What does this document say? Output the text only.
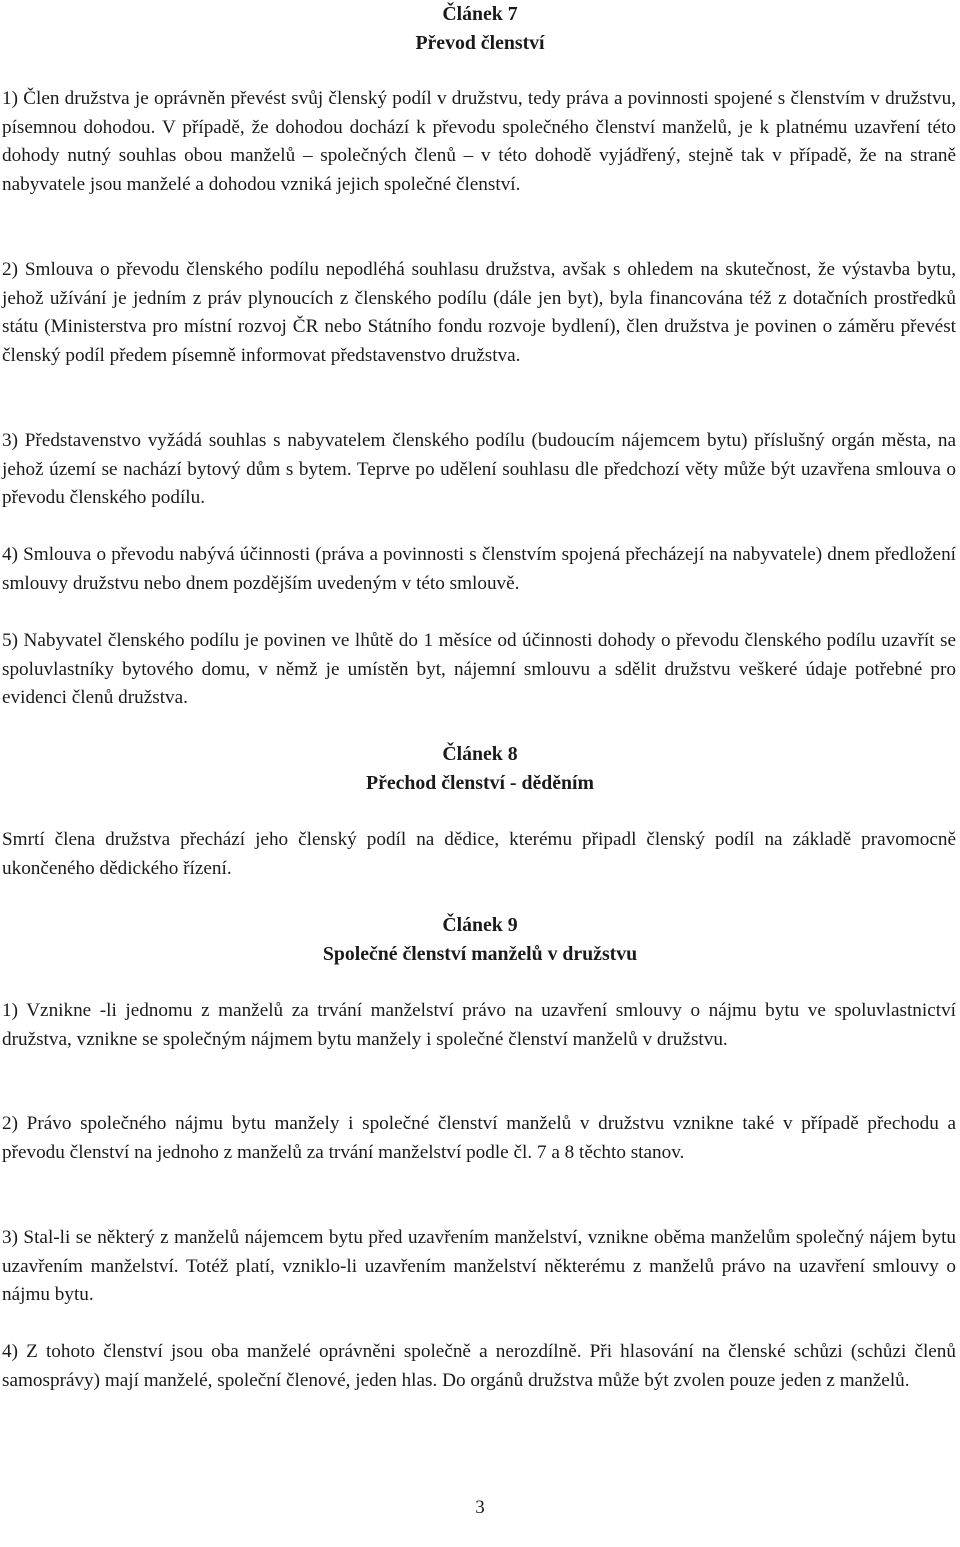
Článek 7

Převod členství

1) Člen družstva je oprávněn převést svůj členský podíl v družstvu, tedy práva a povinnosti spojené s členstvím v družstvu, písemnou dohodou. V případě, že dohodou dochází k převodu společného členství manželů, je k platnému uzavření této dohody nutný souhlas obou manželů – společných členů – v této dohodě vyjádřený, stejně tak v případě, že na straně nabyvatele jsou manželé a dohodou vzniká jejich společné členství.

2) Smlouva o převodu členského podílu nepodléhá souhlasu družstva, avšak s ohledem na skutečnost, že výstavba bytu, jehož užívání je jedním z práv plynoucích z členského podílu (dále jen byt), byla financována též z dotačních prostředků státu (Ministerstva pro místní rozvoj ČR nebo Státního fondu rozvoje bydlení), člen družstva je povinen o záměru převést členský podíl předem písemně informovat představenstvo družstva.

3) Představenstvo vyžádá souhlas s nabyvatelem členského podílu (budoucím nájemcem bytu) příslušný orgán města, na jehož území se nachází bytový dům s bytem. Teprve po udělení souhlasu dle předchozí věty může být uzavřena smlouva o převodu členského podílu.

4) Smlouva o převodu nabývá účinnosti (práva a povinnosti s členstvím spojená přecházejí na nabyvatele) dnem předložení smlouvy družstvu nebo dnem pozdějším uvedeným v této smlouvě.

5) Nabyvatel členského podílu je povinen ve lhůtě do 1 měsíce od účinnosti dohody o převodu členského podílu uzavřít se spoluvlastníky bytového domu, v němž je umístěn byt, nájemní smlouvu a sdělit družstvu veškeré údaje potřebné pro evidenci členů družstva.

Článek 8

Přechod členství - děděním

Smrtí člena družstva přechází jeho členský podíl na dědice, kterému připadl členský podíl na základě pravomocně ukončeného dědického řízení.

Článek 9

Společné členství manželů v družstvu

1) Vznikne -li jednomu z manželů za trvání manželství právo na uzavření smlouvy o nájmu bytu ve spoluvlastnictví družstva, vznikne se společným nájmem bytu manžely i společné členství manželů v družstvu.

2) Právo společného nájmu bytu manžely i společné členství manželů v družstvu vznikne také v případě přechodu a převodu členství na jednoho z manželů za trvání manželství podle čl. 7 a 8 těchto stanov.

3) Stal-li se některý z manželů nájemcem bytu před uzavřením manželství, vznikne oběma manželům společný nájem bytu uzavřením manželství. Totéž platí, vzniklo-li uzavřením manželství některému z manželů právo na uzavření smlouvy o nájmu bytu.

4) Z tohoto členství jsou oba manželé oprávněni společně a nerozdílně. Při hlasování na členské schůzi (schůzi členů samosprávy) mají manželé, společní členové, jeden hlas. Do orgánů družstva může být zvolen pouze jeden z manželů.

3
